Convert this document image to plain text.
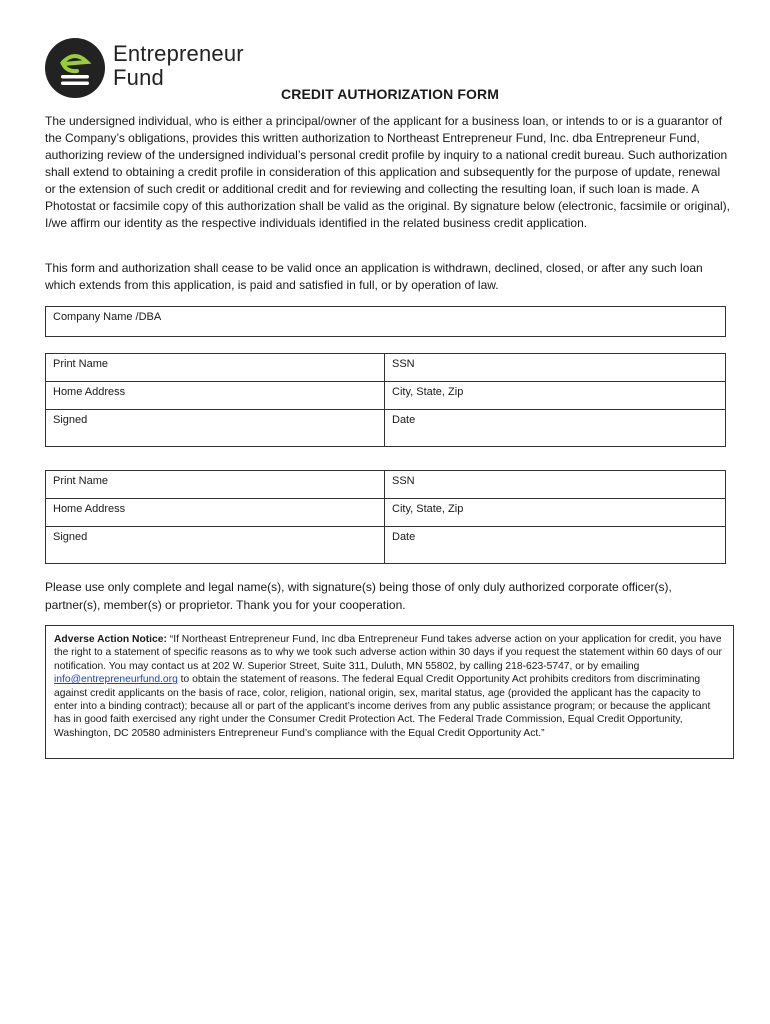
Entrepreneur
Fund
CREDIT AUTHORIZATION FORM

The undersigned individual, who is either a principal/owner of the applicant for a business loan, or intends to or is a guarantor of the Company’s obligations, provides this written authorization to Northeast Entrepreneur Fund, Inc. dba Entrepreneur Fund, authorizing review of the undersigned individual’s personal credit profile by inquiry to a national credit bureau. Such authorization shall extend to obtaining a credit profile in consideration of this application and subsequently for the purpose of update, renewal or the extension of such credit or additional credit and for reviewing and collecting the resulting loan, if such loan is made. A Photostat or facsimile copy of this authorization shall be valid as the original. By signature below (electronic, facsimile or original), I/we affirm our identity as the respective individuals identified in the related business credit application.

This form and authorization shall cease to be valid once an application is withdrawn, declined, closed, or after any such loan which extends from this application, is paid and satisfied in full, or by operation of law.

Company Name /DBA
Print Name	SSN
Home Address	City, State, Zip
Signed	Date
Print Name	SSN
Home Address	City, State, Zip
Signed	Date

Please use only complete and legal name(s), with signature(s) being those of only duly authorized corporate officer(s), partner(s), member(s) or proprietor. Thank you for your cooperation.

Adverse Action Notice: “If Northeast Entrepreneur Fund, Inc dba Entrepreneur Fund takes adverse action on your application for credit, you have the right to a statement of specific reasons as to why we took such adverse action within 30 days if you request the statement within 60 days of our notification. You may contact us at 202 W. Superior Street, Suite 311, Duluth, MN 55802, by calling 218-623-5747, or by emailing info@entrepreneurfund.org to obtain the statement of reasons. The federal Equal Credit Opportunity Act prohibits creditors from discriminating against credit applicants on the basis of race, color, religion, national origin, sex, marital status, age (provided the applicant has the capacity to enter into a binding contract); because all or part of the applicant’s income derives from any public assistance program; or because the applicant has in good faith exercised any right under the Consumer Credit Protection Act. The Federal Trade Commission, Equal Credit Opportunity, Washington, DC 20580 administers Entrepreneur Fund’s compliance with the Equal Credit Opportunity Act.”
